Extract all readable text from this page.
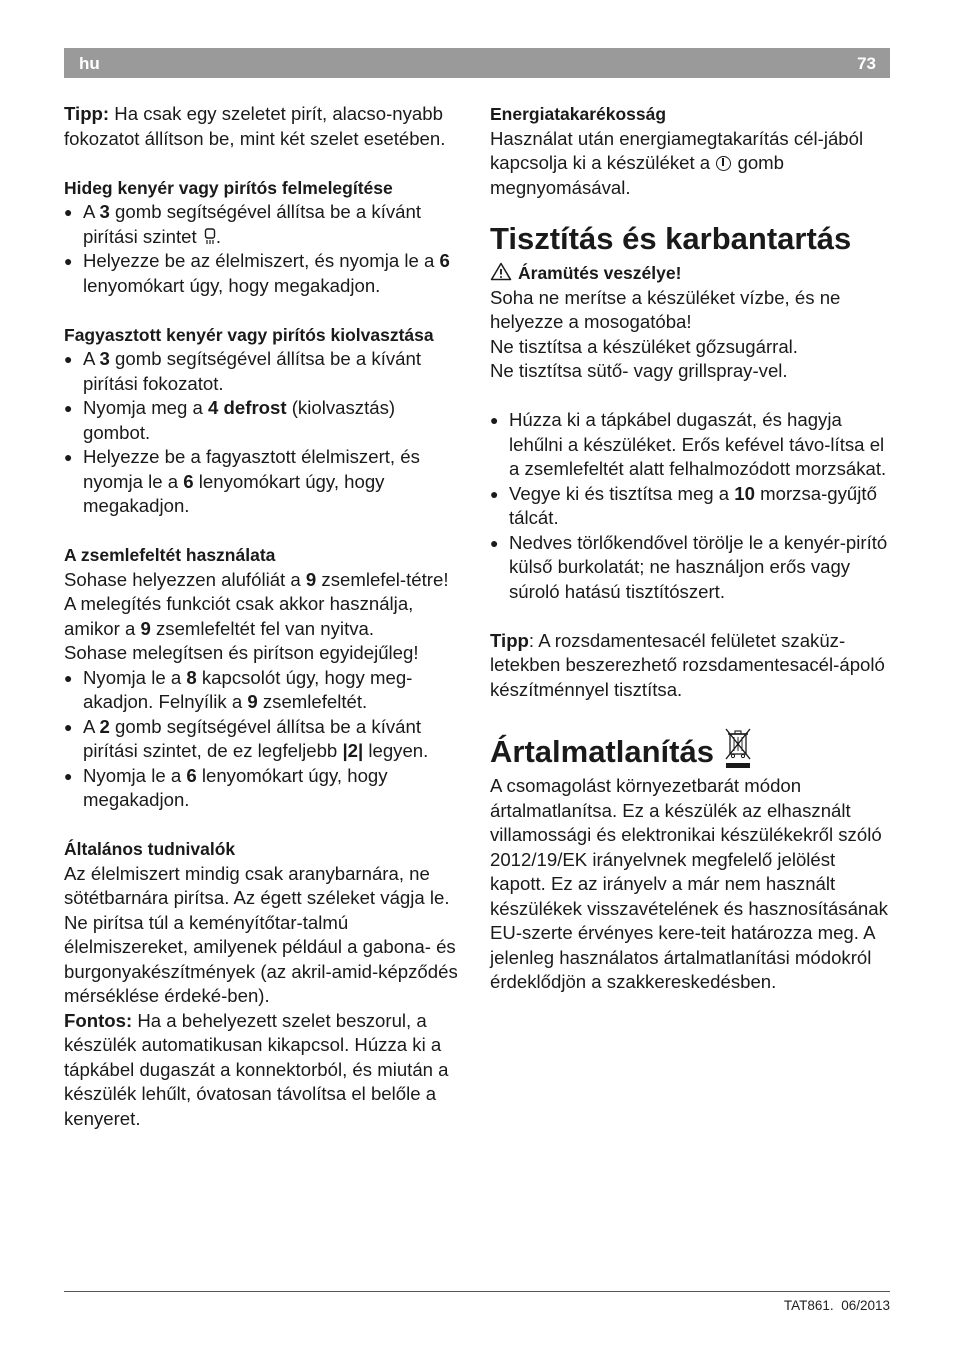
hu	73

Tipp: Ha csak egy szeletet pirít, alacso-nyabb fokozatot állítson be, mint két szelet esetében.

Hideg kenyér vagy pirítós felmelegítése

● A 3 gomb segítségével állítsa be a kívánt pirítási szintet .
● Helyezze be az élelmiszert, és nyomja le a 6 lenyomókart úgy, hogy megakadjon.

Fagyasztott kenyér vagy pirítós kiolvasztása

● A 3 gomb segítségével állítsa be a kívánt pirítási fokozatot.
● Nyomja meg a 4 defrost (kiolvasztás) gombot.
● Helyezze be a fagyasztott élelmiszert, és nyomja le a 6 lenyomókart úgy, hogy megakadjon.

A zsemlefeltét használata

Sohase helyezzen alufóliát a 9 zsemlefel-tétre!

A melegítés funkciót csak akkor használja, amikor a 9 zsemlefeltét fel van nyitva.

Sohase melegítsen és pirítson egyidejűleg!

● Nyomja le a 8 kapcsolót úgy, hogy meg-akadjon. Felnyílik a 9 zsemlefeltét.
● A 2 gomb segítségével állítsa be a kívánt pirítási szintet, de ez legfeljebb |2| legyen.
● Nyomja le a 6 lenyomókart úgy, hogy megakadjon.

Általános tudnivalók

Az élelmiszert mindig csak aranybarnára, ne sötétbarnára pirítsa. Az égett széleket vágja le. Ne pirítsa túl a keményítőtar-talmú élelmiszereket, amilyenek például a gabona- és burgonyakészítmények (az akril-amid-képződés mérséklése érdeké-ben).

Fontos: Ha a behelyezett szelet beszorul, a készülék automatikusan kikapcsol. Húzza ki a tápkábel dugaszát a konnektorból, és miután a készülék lehűlt, óvatosan távolítsa el belőle a kenyeret.

Energiatakarékosság

Használat után energiamegtakarítás cél-jából kapcsolja ki a készüléket a  gomb megnyomásával.

Tisztítás és karbantartás

Áramütés veszélye!

Soha ne merítse a készüléket vízbe, és ne helyezze a mosogatóba!

Ne tisztítsa a készüléket gőzsugárral.

Ne tisztítsa sütő- vagy grillspray-vel.

● Húzza ki a tápkábel dugaszát, és hagyja lehűlni a készüléket. Erős kefével távo-lítsa el a zsemlefeltét alatt felhalmozódott morzsákat.
● Vegye ki és tisztítsa meg a 10 morzsa-gyűjtő tálcát.
● Nedves törlőkendővel törölje le a kenyér-pirító külső burkolatát; ne használjon erős vagy súroló hatású tisztítószert.

Tipp: A rozsdamentesacél felületet szaküz-letekben beszerezhető rozsdamentesacél-ápoló készítménnyel tisztítsa.

Ártalmatlanítás

A csomagolást környezetbarát módon ártalmatlanítsa. Ez a készülék az elhasznált villamossági és elektronikai készülékekről szóló 2012/19/EK irányelvnek megfelelő jelölést kapott. Ez az irányelv a már nem használt készülékek visszavételének és hasznosításának EU-szerte érvényes kere-teit határozza meg. A jelenleg használatos ártalmatlanítási módokról érdeklődjön a szakkereskedésben.

TAT861. 06/2013
